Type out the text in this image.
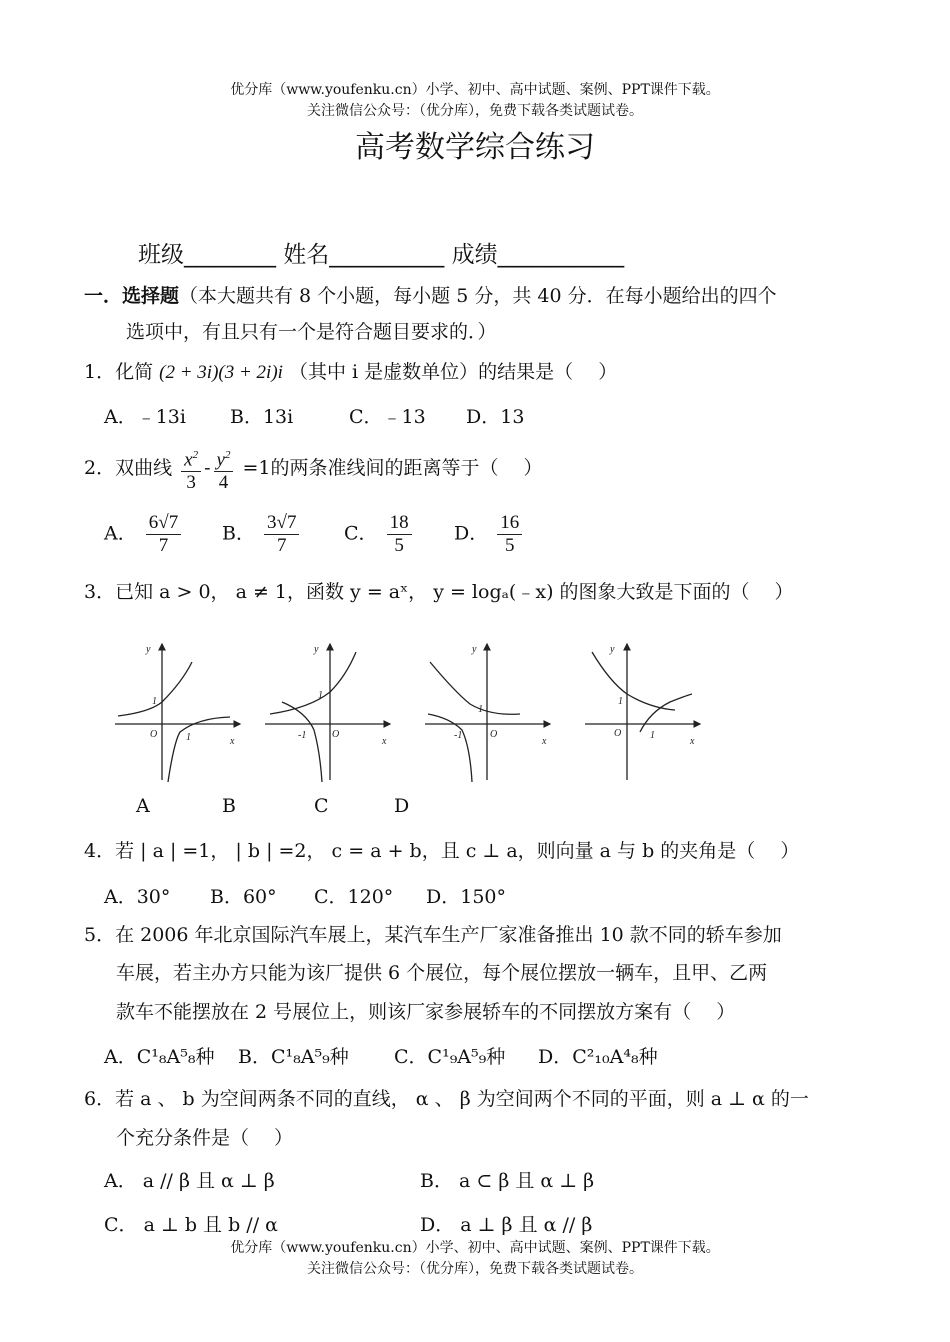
优分库（www.youfenku.cn）小学、初中、高中试题、案例、PPT课件下载。
关注微信公众号：（优分库），免费下载各类试题试卷。
高考数学综合练习
班级________ 姓名__________ 成绩___________
一．选择题（本大题共有 8 个小题，每小题 5 分，共 40 分．在每小题给出的四个
选项中，有且只有一个是符合题目要求的．）
1．化简 (2 + 3i)(3 + 2i)i （其中 i 是虚数单位）的结果是（　 ）
A．﹣13i B．13i	C．﹣13 D．13
2．双曲线 $\frac{x^2}{3} - \frac{y^2}{4} =1$的两条准线间的距离等于（　 ）
A． $\frac{6√7}{7}$ B． $\frac{3√7}{7}$ C． $\frac{18}{5}$ D． $\frac{16}{5}$
3．已知 a > 0， a ≠ 1，函数 y = aˣ， y = logₐ(﹣x) 的图象大致是下面的（　 ）
y
x
O
1
1
y
x
O
1
-1
y
x
O
1
-1
y
x
O
1
1
A	B	C	D
4．若 | a | =1， | b | =2， c = a + b，且 c ⊥ a，则向量 a 与 b 的夹角是（　 ）
A．30° B．60° C．120° D．150°
5．在 2006 年北京国际汽车展上，某汽车生产厂家准备推出 10 款不同的轿车参加
车展，若主办方只能为该厂提供 6 个展位，每个展位摆放一辆车，且甲、乙两
款车不能摆放在 2 号展位上，则该厂家参展轿车的不同摆放方案有（　 ）
A．C¹₈A⁵₈种 B．C¹₈A⁵₉种 C．C¹₉A⁵₉种 D．C²₁₀A⁴₈种
6．若 a 、 b 为空间两条不同的直线， α 、 β 为空间两个不同的平面，则 a ⊥ α 的一
个充分条件是（　 ）
A． a // β 且 α ⊥ β	B． a ⊂ β 且 α ⊥ β
C． a ⊥ b 且 b // α	D． a ⊥ β 且 α // β
优分库（www.youfenku.cn）小学、初中、高中试题、案例、PPT课件下载。
关注微信公众号：（优分库），免费下载各类试题试卷。
